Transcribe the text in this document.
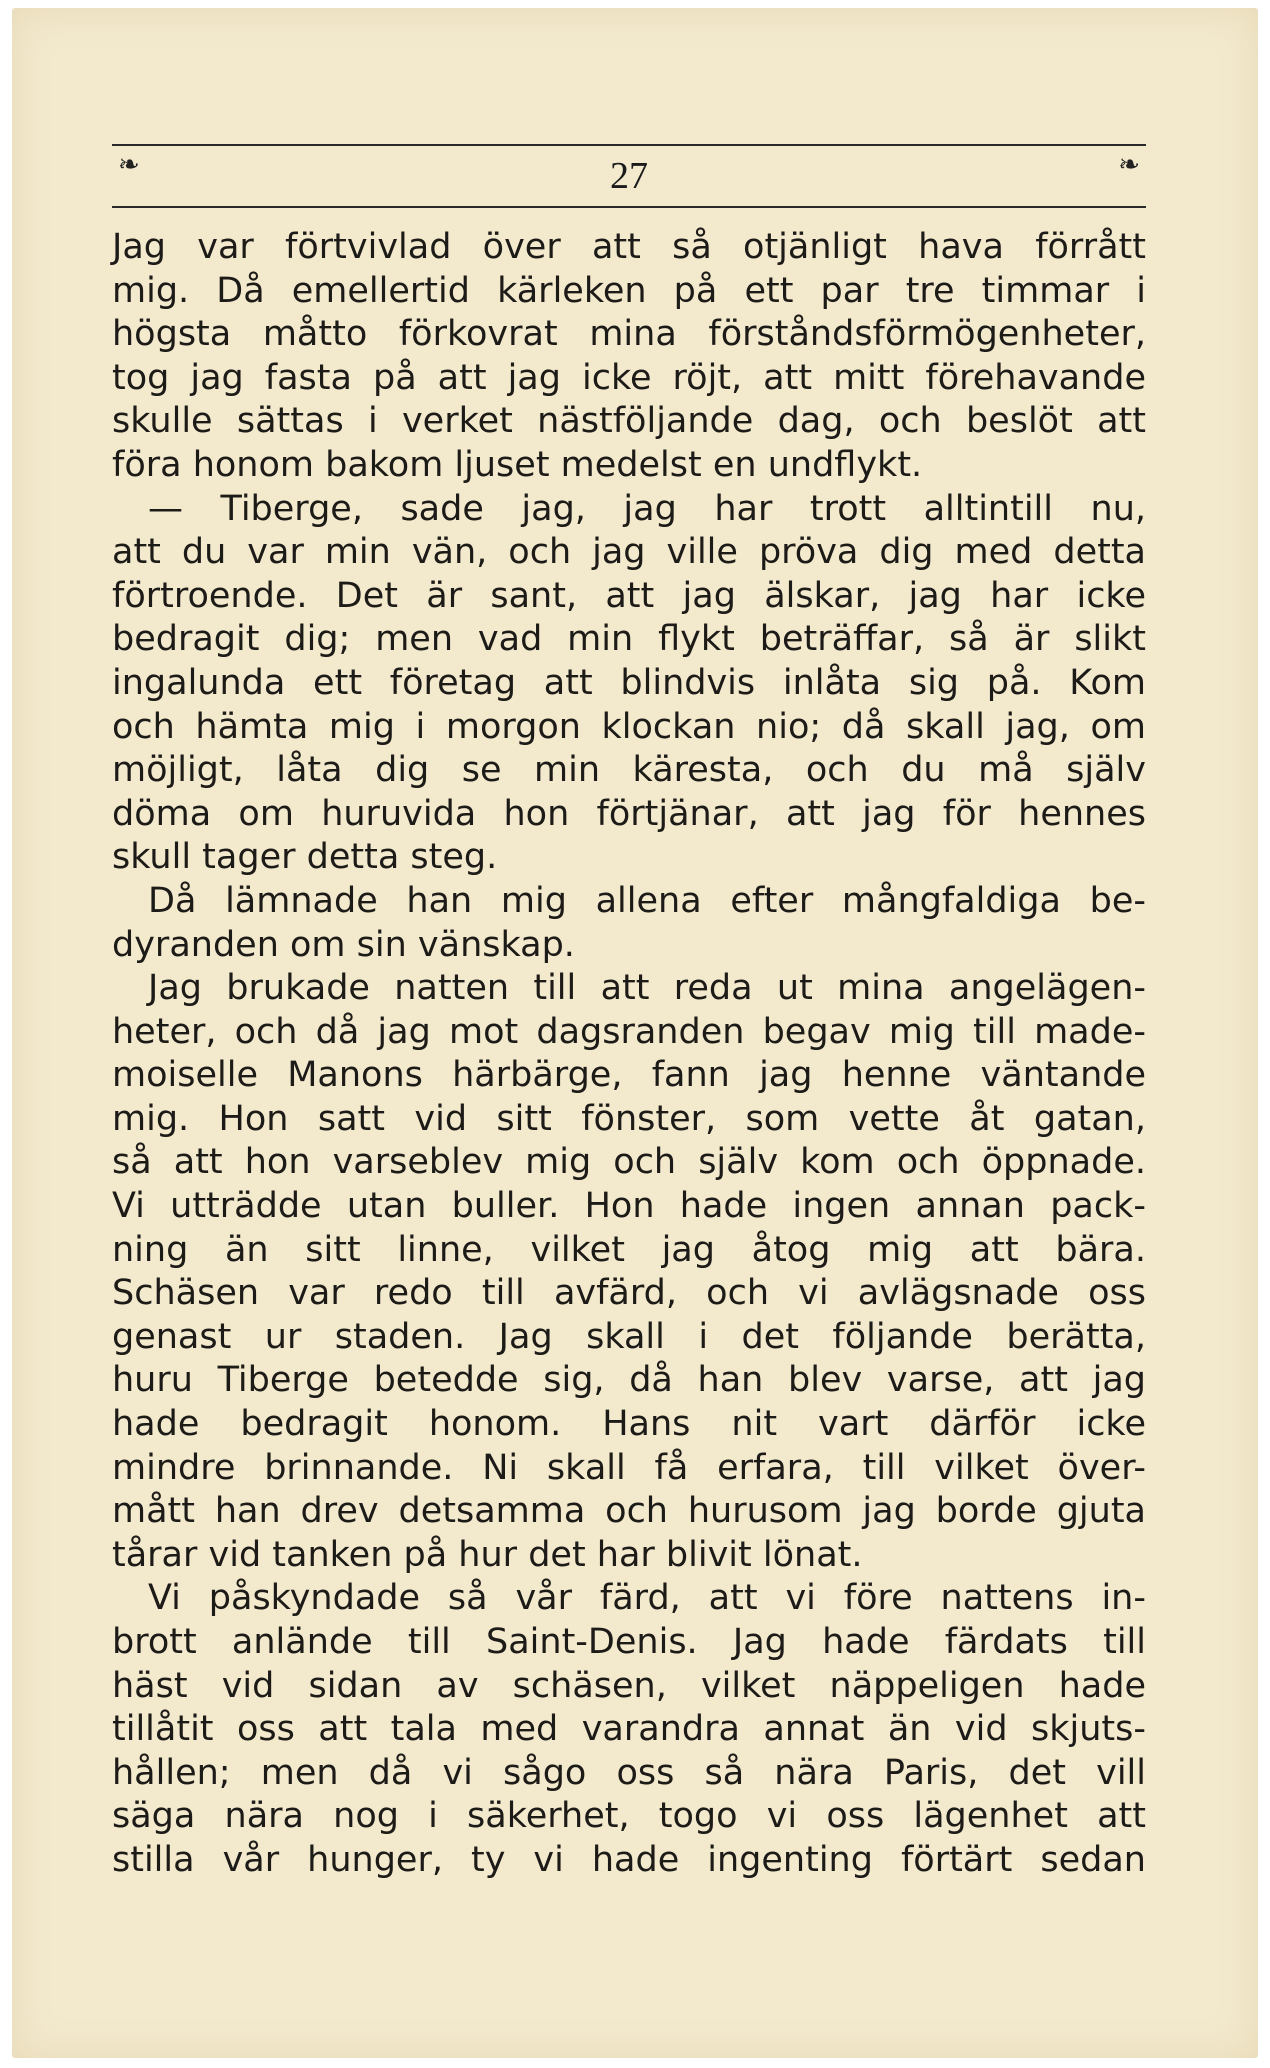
❧	27	❧
Jag var förtvivlad över att så otjänligt hava förrått
mig. Då emellertid kärleken på ett par tre timmar i
högsta måtto förkovrat mina förståndsförmögenheter,
tog jag fasta på att jag icke röjt, att mitt förehavande
skulle sättas i verket nästföljande dag, och beslöt att
föra honom bakom ljuset medelst en undflykt.
— Tiberge, sade jag, jag har trott alltintill nu,
att du var min vän, och jag ville pröva dig med detta
förtroende. Det är sant, att jag älskar, jag har icke
bedragit dig; men vad min flykt beträffar, så är slikt
ingalunda ett företag att blindvis inlåta sig på. Kom
och hämta mig i morgon klockan nio; då skall jag, om
möjligt, låta dig se min käresta, och du må själv
döma om huruvida hon förtjänar, att jag för hennes
skull tager detta steg.
Då lämnade han mig allena efter mångfaldiga be-
dyranden om sin vänskap.
Jag brukade natten till att reda ut mina angelägen-
heter, och då jag mot dagsranden begav mig till made-
moiselle Manons härbärge, fann jag henne väntande
mig. Hon satt vid sitt fönster, som vette åt gatan,
så att hon varseblev mig och själv kom och öppnade.
Vi utträdde utan buller. Hon hade ingen annan pack-
ning än sitt linne, vilket jag åtog mig att bära.
Schäsen var redo till avfärd, och vi avlägsnade oss
genast ur staden. Jag skall i det följande berätta,
huru Tiberge betedde sig, då han blev varse, att jag
hade bedragit honom. Hans nit vart därför icke
mindre brinnande. Ni skall få erfara, till vilket över-
mått han drev detsamma och hurusom jag borde gjuta
tårar vid tanken på hur det har blivit lönat.
Vi påskyndade så vår färd, att vi före nattens in-
brott anlände till Saint-Denis. Jag hade färdats till
häst vid sidan av schäsen, vilket näppeligen hade
tillåtit oss att tala med varandra annat än vid skjuts-
hållen; men då vi sågo oss så nära Paris, det vill
säga nära nog i säkerhet, togo vi oss lägenhet att
stilla vår hunger, ty vi hade ingenting förtärt sedan
